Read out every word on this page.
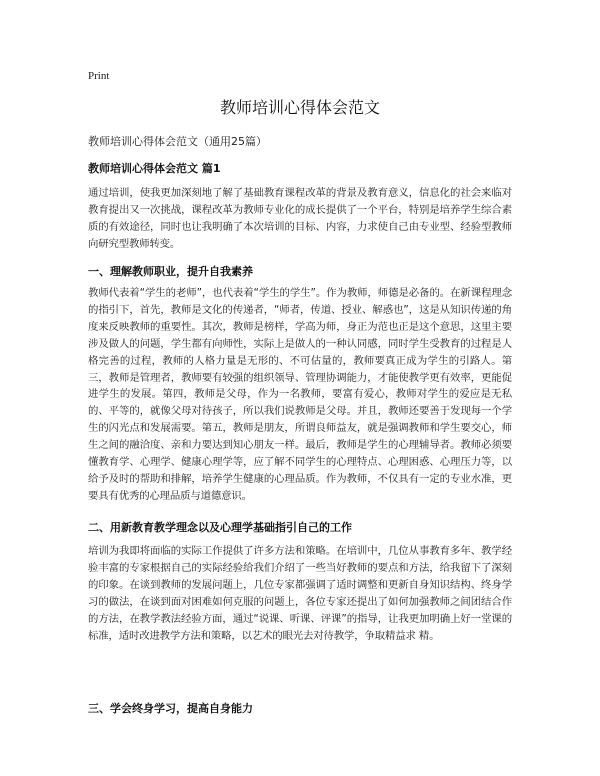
Print
教师培训心得体会范文
教师培训心得体会范文（通用25篇）
教师培训心得体会范文 篇1

通过培训，使我更加深刻地了解了基础教育课程改革的背景及教育意义，信息化的社会来临对教育提出又一次挑战，课程改革为教师专业化的成长提供了一个平台，特别是培养学生综合素质的有效途径，同时也让我明确了本次培训的目标、内容，力求使自己由专业型、经验型教师向研究型教师转变。

一、理解教师职业，提升自我素养

教师代表着“学生的老师”，也代表着“学生的学生”。作为教师，师德是必备的。在新课程理念的指引下，首先，教师是文化的传递者，“师者，传道、授业、解惑也”，这是从知识传递的角度来反映教师的重要性。其次，教师是榜样，学高为师，身正为范也正是这个意思，这里主要涉及做人的问题，学生都有向师性，实际上是做人的一种认同感，同时学生受教育的过程是人格完善的过程，教师的人格力量是无形的、不可估量的，教师要真正成为学生的引路人。第三，教师是管理者，教师要有较强的组织领导、管理协调能力，才能使教学更有效率，更能促进学生的发展。第四，教师是父母，作为一名教师，要富有爱心，教师对学生的爱应是无私的、平等的，就像父母对待孩子，所以我们说教师是父母。并且，教师还要善于发现每一个学生的闪光点和发展需要。第五，教师是朋友，所谓良师益友，就是强调教师和学生要交心，师生之间的融洽度、亲和力要达到知心朋友一样。最后，教师是学生的心理辅导者。教师必须要懂教育学、心理学、健康心理学等，应了解不同学生的心理特点、心理困惑、心理压力等，以给予及时的帮助和排解，培养学生健康的心理品质。作为教师，不仅具有一定的专业水准，更要具有优秀的心理品质与道德意识。

二、用新教育教学理念以及心理学基础指引自己的工作

培训为我即将面临的实际工作提供了许多方法和策略。在培训中，几位从事教育多年、教学经验丰富的专家根据自己的实际经验给我们介绍了一些当好教师的要点和方法，给我留下了深刻的印象。在谈到教师的发展问题上，几位专家都强调了适时调整和更新自身知识结构、终身学习的做法，在谈到面对困难如何克服的问题上，各位专家还提出了如何加强教师之间团结合作的方法，在教学教法经验方面，通过“说课、听课、评课”的指导，让我更加明确上好一堂课的标准，适时改进教学方法和策略，以艺术的眼光去对待教学，争取精益求 精。

三、学会终身学习，提高自身能力
